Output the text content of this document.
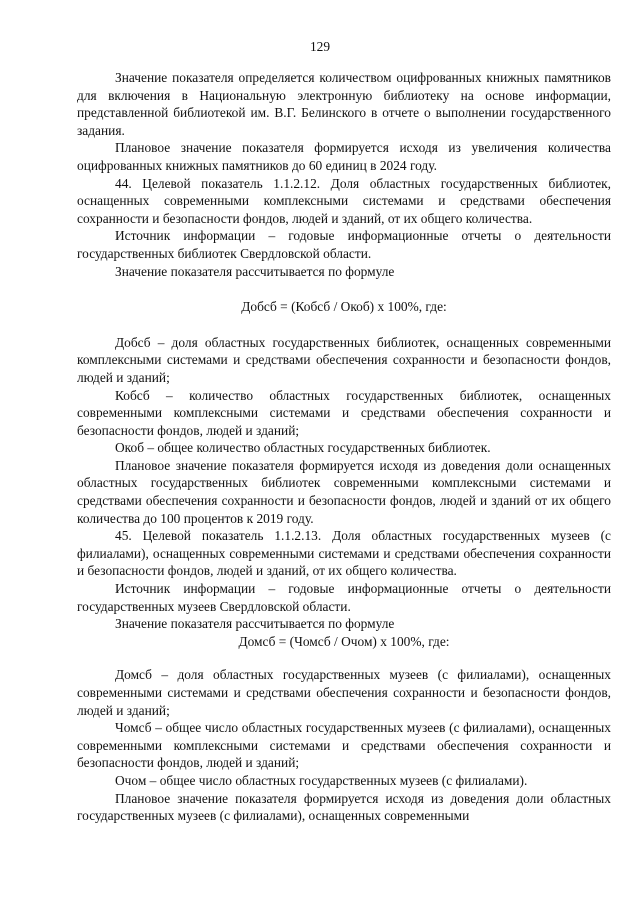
129

Значение показателя определяется количеством оцифрованных книжных памятников для включения в Национальную электронную библиотеку на основе информации, представленной библиотекой им. В.Г. Белинского в отчете о выполнении государственного задания.

Плановое значение показателя формируется исходя из увеличения количества оцифрованных книжных памятников до 60 единиц в 2024 году.

44. Целевой показатель 1.1.2.12. Доля областных государственных библиотек, оснащенных современными комплексными системами и средствами обеспечения сохранности и безопасности фондов, людей и зданий, от их общего количества.

Источник информации – годовые информационные отчеты о деятельности государственных библиотек Свердловской области.

Значение показателя рассчитывается по формуле

Добсб = (Кобсб / Окоб) х 100%, где:

Добсб – доля областных государственных библиотек, оснащенных современными комплексными системами и средствами обеспечения сохранности и безопасности фондов, людей и зданий;

Кобсб – количество областных государственных библиотек, оснащенных современными комплексными системами и средствами обеспечения сохранности и безопасности фондов, людей и зданий;

Окоб – общее количество областных государственных библиотек.

Плановое значение показателя формируется исходя из доведения доли оснащенных областных государственных библиотек современными комплексными системами и средствами обеспечения сохранности и безопасности фондов, людей и зданий от их общего количества до 100 процентов к 2019 году.

45. Целевой показатель 1.1.2.13. Доля областных государственных музеев (с филиалами), оснащенных современными системами и средствами обеспечения сохранности и безопасности фондов, людей и зданий, от их общего количества.

Источник информации – годовые информационные отчеты о деятельности государственных музеев Свердловской области.

Значение показателя рассчитывается по формуле

Домсб = (Чомсб / Очом) х 100%, где:

Домсб – доля областных государственных музеев (с филиалами), оснащенных современными системами и средствами обеспечения сохранности и безопасности фондов, людей и зданий;

Чомсб – общее число областных государственных музеев (с филиалами), оснащенных современными комплексными системами и средствами обеспечения сохранности и безопасности фондов, людей и зданий;

Очом – общее число областных государственных музеев (с филиалами).

Плановое значение показателя формируется исходя из доведения доли областных государственных музеев (с филиалами), оснащенных современными
